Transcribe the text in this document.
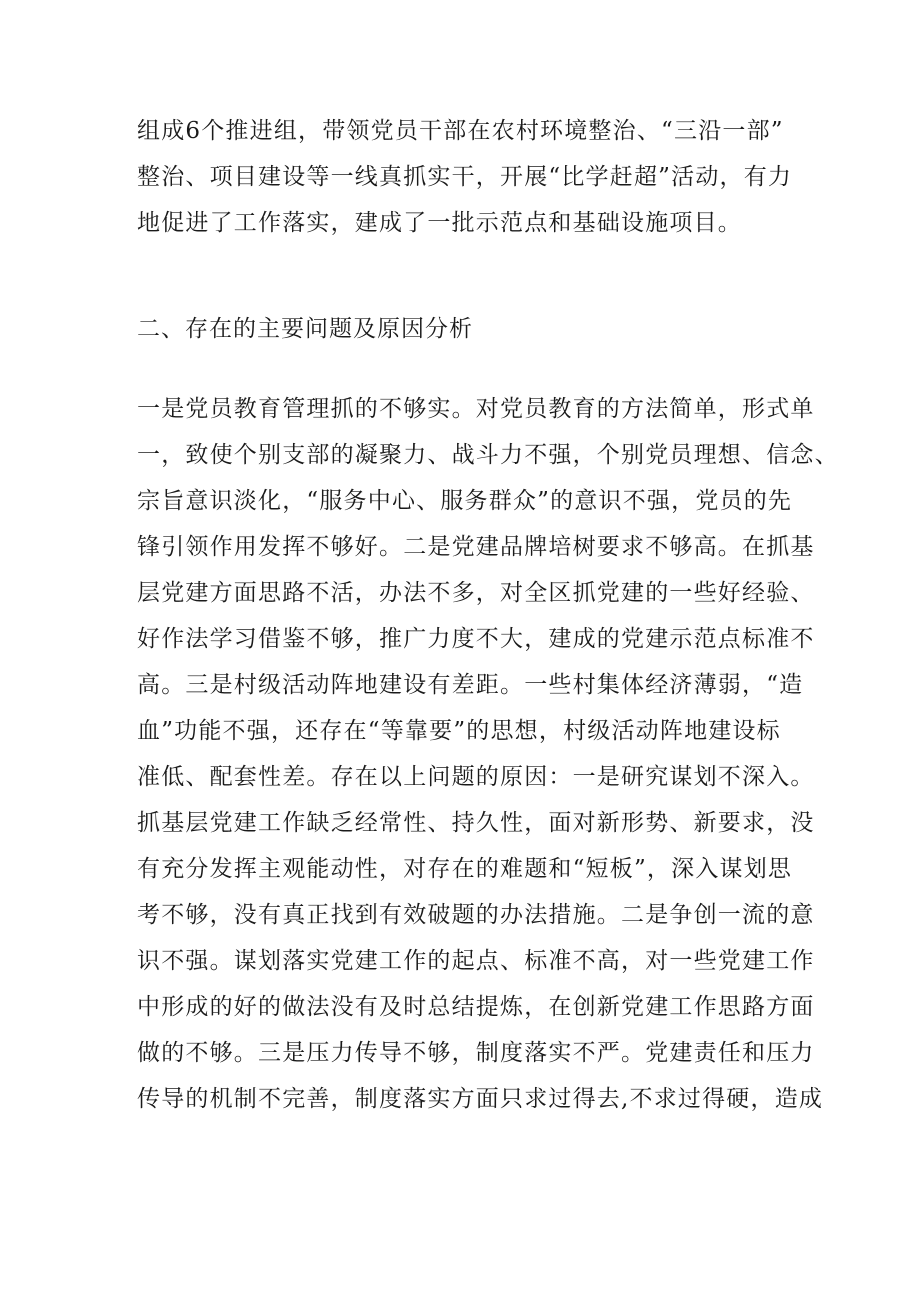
组成6个推进组，带领党员干部在农村环境整治、“三沿一部”

整治、项目建设等一线真抓实干，开展“比学赶超”活动，有力

地促进了工作落实，建成了一批示范点和基础设施项目。

二、存在的主要问题及原因分析

一是党员教育管理抓的不够实。对党员教育的方法简单，形式单

一，致使个别支部的凝聚力、战斗力不强，个别党员理想、信念、

宗旨意识淡化，“服务中心、服务群众”的意识不强，党员的先

锋引领作用发挥不够好。二是党建品牌培树要求不够高。在抓基

层党建方面思路不活，办法不多，对全区抓党建的一些好经验、

好作法学习借鉴不够，推广力度不大，建成的党建示范点标准不

高。三是村级活动阵地建设有差距。一些村集体经济薄弱，“造

血”功能不强，还存在“等靠要”的思想，村级活动阵地建设标

准低、配套性差。存在以上问题的原因：一是研究谋划不深入。

抓基层党建工作缺乏经常性、持久性，面对新形势、新要求，没

有充分发挥主观能动性，对存在的难题和“短板”，深入谋划思

考不够，没有真正找到有效破题的办法措施。二是争创一流的意

识不强。谋划落实党建工作的起点、标准不高，对一些党建工作

中形成的好的做法没有及时总结提炼，在创新党建工作思路方面

做的不够。三是压力传导不够，制度落实不严。党建责任和压力

传导的机制不完善，制度落实方面只求过得去,不求过得硬，造成
